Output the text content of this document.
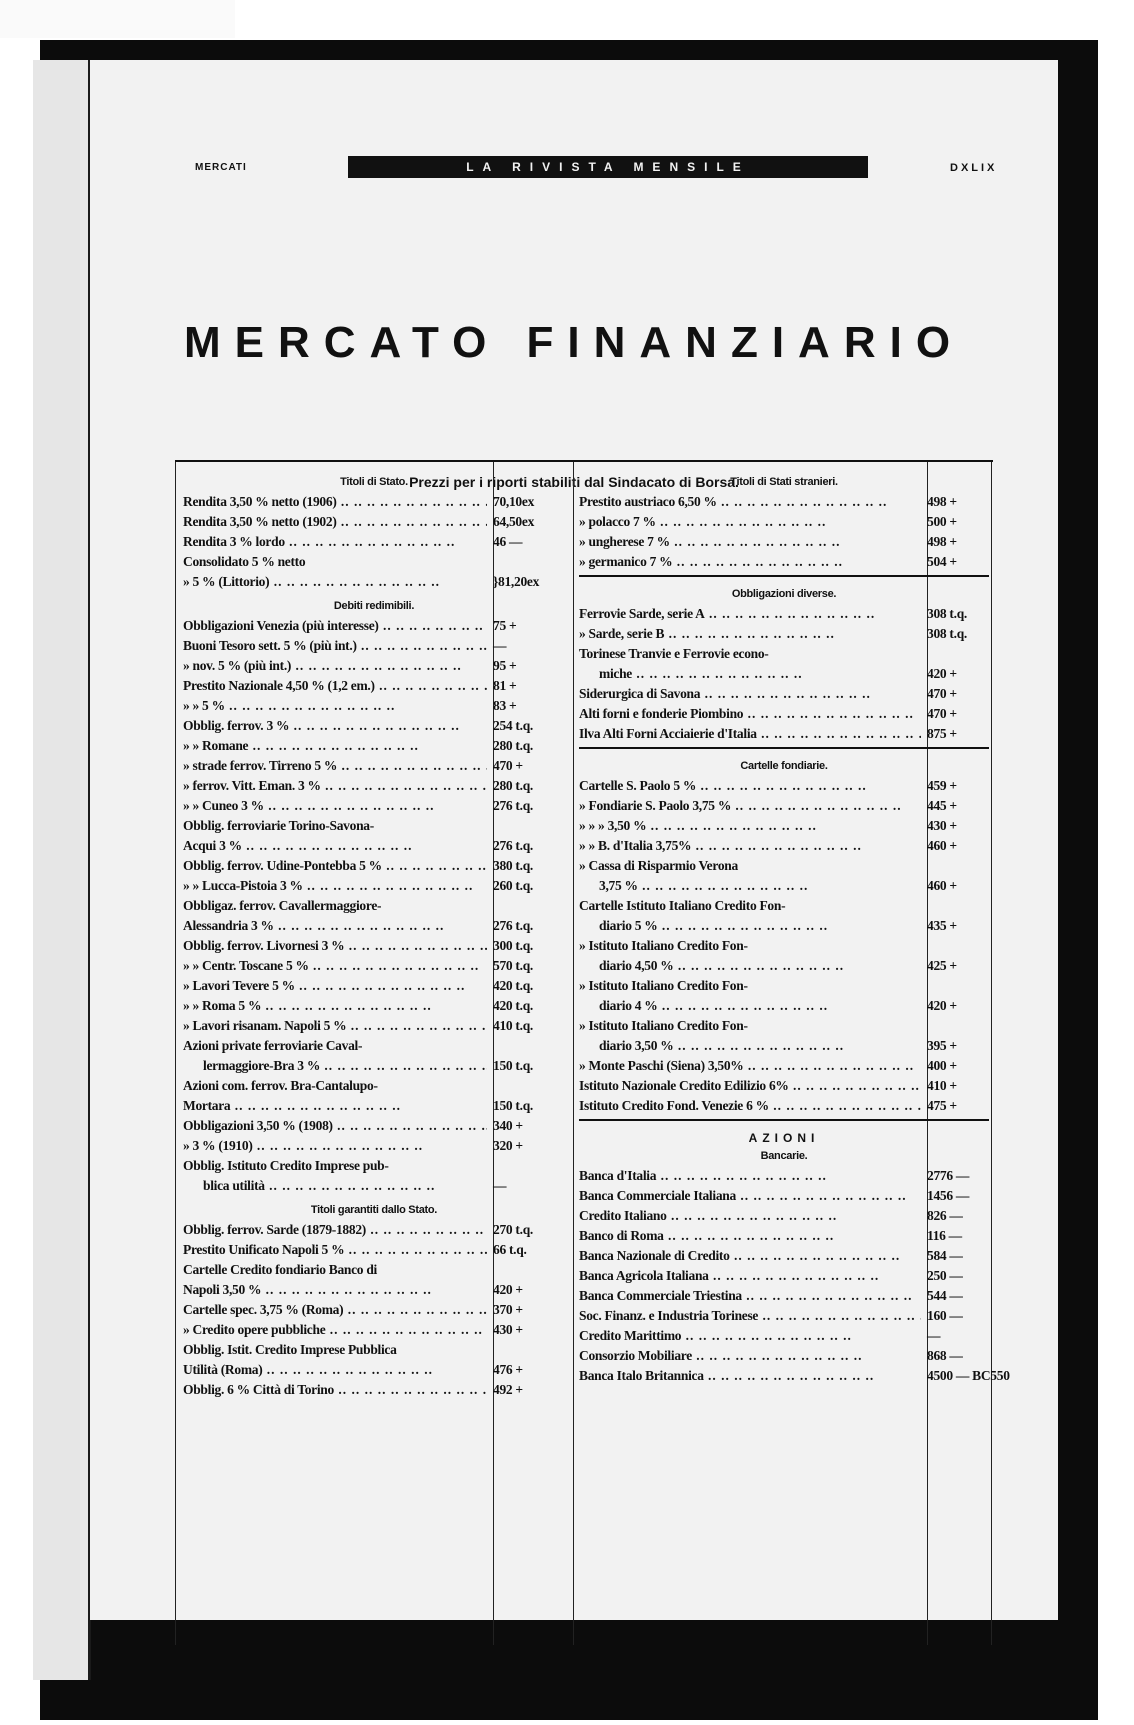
MERCATI	LA RIVISTA MENSILE	DXLIX
MERCATO FINANZIARIO
Prezzi per i riporti stabiliti dal Sindacato di Borsa.
Titoli di Stato.
Rendita 3,50 % netto (1906) .. ..	70,10ex
Rendita 3,50 % netto (1902) .. ..	64,50ex
Rendita 3 % lordo .. ..	46 —
Consolidato 5 % netto
» 5 % (Littorio) .. ..	}81,20ex
Debiti redimibili.
Obbligazioni Venezia (più interesse) .. ..	75 +
Buoni Tesoro sett. 5 % (più int.) .. ..	—
» nov. 5 % (più int.) .. ..	95 +
Prestito Nazionale 4,50 % (1,2 em.) .. ..	81 +
» » 5 % .. ..	83 +
Obblig. ferrov. 3 % .. ..	254 t.q.
» » Romane .. ..	280 t.q.
» strade ferrov. Tirreno 5 % .. ..	470 +
» ferrov. Vitt. Eman. 3 % .. ..	280 t.q.
» » Cuneo 3 % .. ..	276 t.q.
Obblig. ferroviarie Torino-Savona-
Acqui 3 % .. ..	276 t.q.
Obblig. ferrov. Udine-Pontebba 5 % .. ..	380 t.q.
» » Lucca-Pistoia 3 % .. ..	260 t.q.
Obbligaz. ferrov. Cavallermaggiore-
Alessandria 3 % .. ..	276 t.q.
Obblig. ferrov. Livornesi 3 % .. ..	300 t.q.
» » Centr. Toscane 5 % .. ..	570 t.q.
» Lavori Tevere 5 % .. ..	420 t.q.
» » Roma 5 % .. ..	420 t.q.
» Lavori risanam. Napoli 5 % .. ..	410 t.q.
Azioni private ferroviarie Caval-
lermaggiore-Bra 3 % .. ..	150 t.q.
Azioni com. ferrov. Bra-Cantalupo-
Mortara .. ..	150 t.q.
Obbligazioni 3,50 % (1908) .. ..	340 +
» 3 % (1910) .. ..	320 +
Obblig. Istituto Credito Imprese pub-
blica utilità .. ..	—
Titoli garantiti dallo Stato.
Obblig. ferrov. Sarde (1879-1882) .. ..	270 t.q.
Prestito Unificato Napoli 5 % .. ..	66 t.q.
Cartelle Credito fondiario Banco di
Napoli 3,50 % .. ..	420 +
Cartelle spec. 3,75 % (Roma) .. ..	370 +
» Credito opere pubbliche .. ..	430 +
Obblig. Istit. Credito Imprese Pubblica
Utilità (Roma) .. ..	476 +
Obblig. 6 % Città di Torino .. ..	492 +
Titoli di Stati stranieri.
Prestito austriaco 6,50 % .. ..	498 +
» polacco 7 % .. ..	500 +
» ungherese 7 % .. ..	498 +
» germanico 7 % .. ..	504 +
Obbligazioni diverse.
Ferrovie Sarde, serie A .. ..	308 t.q.
» Sarde, serie B .. ..	308 t.q.
Torinese Tranvie e Ferrovie econo-
miche .. ..	420 +
Siderurgica di Savona .. ..	470 +
Alti forni e fonderie Piombino .. ..	470 +
Ilva Alti Forni Acciaierie d'Italia .. ..	875 +
Cartelle fondiarie.
Cartelle S. Paolo 5 % .. ..	459 +
» Fondiarie S. Paolo 3,75 % .. ..	445 +
» » » 3,50 % .. ..	430 +
» » B. d'Italia 3,75% .. ..	460 +
» Cassa di Risparmio Verona
3,75 % .. ..	460 +
Cartelle Istituto Italiano Credito Fon-
diario 5 % .. ..	435 +
» Istituto Italiano Credito Fon-
diario 4,50 % .. ..	425 +
» Istituto Italiano Credito Fon-
diario 4 % .. ..	420 +
» Istituto Italiano Credito Fon-
diario 3,50 % .. ..	395 +
» Monte Paschi (Siena) 3,50% .. ..	400 +
Istituto Nazionale Credito Edilizio 6% .. ..	410 +
Istituto Credito Fond. Venezie 6 % .. ..	475 +
AZIONI
Bancarie.
Banca d'Italia .. ..	2776 —
Banca Commerciale Italiana .. ..	1456 —
Credito Italiano .. ..	826 —
Banco di Roma .. ..	116 —
Banca Nazionale di Credito .. ..	584 —
Banca Agricola Italiana .. ..	250 —
Banca Commerciale Triestina .. ..	544 —
Soc. Finanz. e Industria Torinese .. ..	160 —
Credito Marittimo .. ..	—
Consorzio Mobiliare .. ..	868 —
Banca Italo Britannica .. ..	4500 — BC550
